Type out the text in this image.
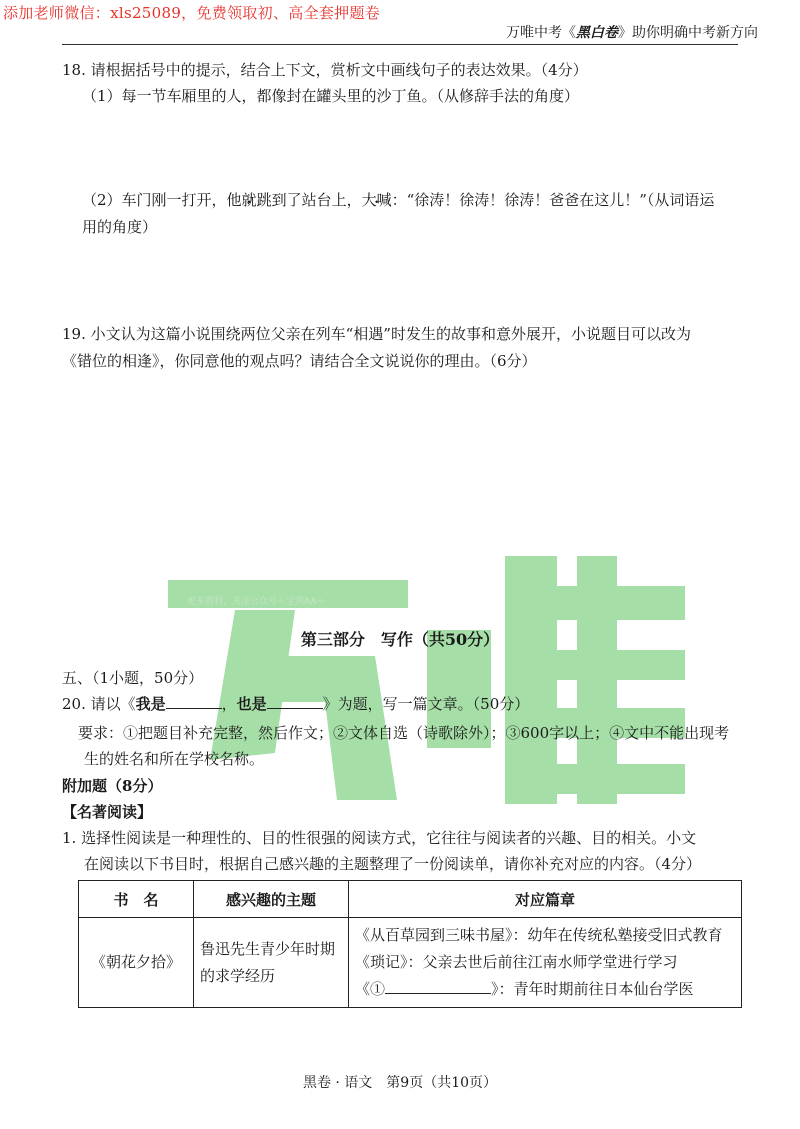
添加老师微信：xls25089，免费领取初、高全套押题卷
万唯中考《黑白卷》助你明确中考新方向
18. 请根据括号中的提示，结合上下文，赏析文中画线句子的表达效果。（4分）
（1）每一节车厢里的人，都像封在罐头里的沙丁鱼。（从修辞手法的角度）
（2）车门刚一打开，他就 •跳到了站台上，大喊 •：“徐涛！徐涛！徐涛！爸爸在这儿！”（从词语运
用的角度）
19. 小文认为这篇小说围绕两位父亲在列车“相遇”时发生的故事和意外展开，小说题目可以改为
《错位的相逢》，你同意他的观点吗？请结合全文说说你的理由。（6分）
更多资料，关注公众号＋宝典AA＋
第三部分　写作（共50分）
五、（1小题，50分）
20. 请以《我是	，也是	》为题，写一篇文章。（50分）
要求：①把题目补充完整，然后作文；②文体自选（诗歌除外）；③600字以上；④文中不能出现考生的姓名和所在学校名称。
附加题（8分）
【名著阅读】
1. 选择性阅读是一种理性的、目的性很强的阅读方式，它往往与阅读者的兴趣、目的相关。小文
在阅读以下书目时，根据自己感兴趣的主题整理了一份阅读单，请你补充对应的内容。（4分）
书　名	感兴趣的主题	对应篇章
《朝花夕拾》	鲁迅先生青少年时期的求学经历	《从百草园到三味书屋》：幼年在传统私塾接受旧式教育
《琐记》：父亲去世后前往江南水师学堂进行学习
《① 》：青年时期前往日本仙台学医
黑卷 · 语文　第9页（共10页）
